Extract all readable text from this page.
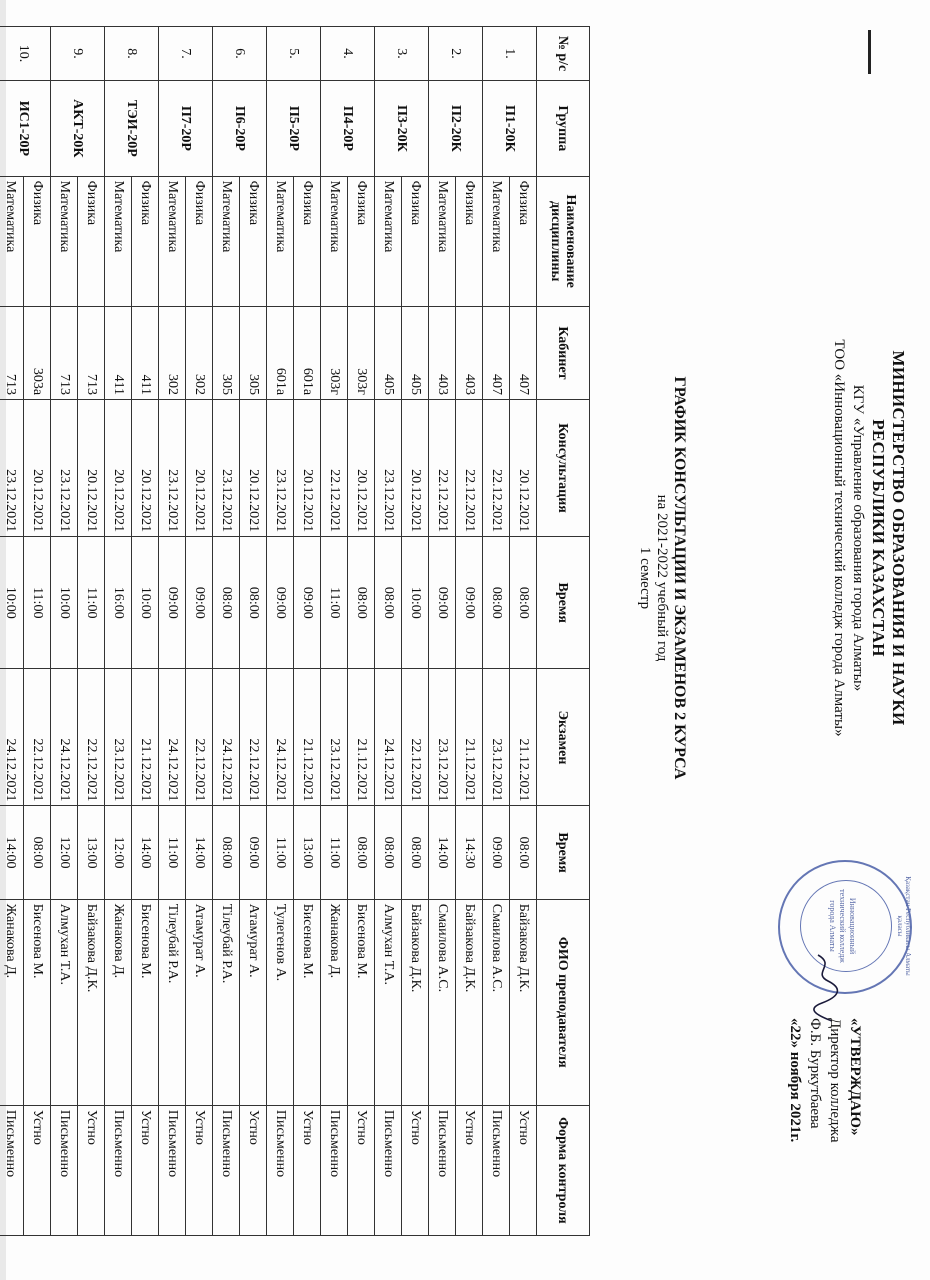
МИНИСТЕРСТВО ОБРАЗОВАНИЯ И НАУКИ РЕСПУБЛИКИ КАЗАХСТАН
КГУ «Управление образования города Алматы»
ТОО «Инновационный технический колледж города Алматы»
Қазақстан Республикасы Алматы қаласы
Инновационный технический колледж города Алматы
«УТВЕРЖДАЮ»
Директор колледжа
Ф.Б. Буркутбаева
«22» ноября 2021г.
ГРАФИК КОНСУЛЬТАЦИИ И ЭКЗАМЕНОВ 2 КУРСА
на 2021-2022 учебный год
1 семестр
№ р/с	Группа	Наименование дисциплины	Кабинет	Консультация	Время	Экзамен	Время	ФИО преподавателя	Форма контроля
1.	П1-20К	Физика	407	20.12.2021	08:00	21.12.2021	08:00	Байзакова Д.К.	Устно
		Математика	407	22.12.2021	08:00	23.12.2021	09:00	Смаилова А.С.	Письменно
2.	П2-20К	Физика	403	22.12.2021	09:00	21.12.2021	14:30	Байзакова Д.К.	Устно
		Математика	403	22.12.2021	09:00	23.12.2021	14:00	Смаилова А.С.	Письменно
3.	П3-20К	Физика	405	20.12.2021	10:00	22.12.2021	08:00	Байзакова Д.К.	Устно
		Математика	405	23.12.2021	08:00	24.12.2021	08:00	Алмухан Т.А.	Письменно
4.	П4-20Р	Физика	303г	20.12.2021	08:00	21.12.2021	08:00	Бисенова М.	Устно
		Математика	303г	22.12.2021	11:00	23.12.2021	11:00	Жанакова Д.	Письменно
5.	П5-20Р	Физика	601а	20.12.2021	09:00	21.12.2021	13:00	Бисенова М.	Устно
		Математика	601а	23.12.2021	09:00	24.12.2021	11:00	Тулегенов А.	Письменно
6.	П6-20Р	Физика	305	20.12.2021	08:00	22.12.2021	09:00	Атамурат А.	Устно
		Математика	305	23.12.2021	08:00	24.12.2021	08:00	Тілеубай Р.А.	Письменно
7.	П7-20Р	Физика	302	20.12.2021	09:00	22.12.2021	14:00	Атамурат А.	Устно
		Математика	302	23.12.2021	09:00	24.12.2021	11:00	Тілеубай Р.А.	Письменно
8.	ТЭИ-20Р	Физика	411	20.12.2021	10:00	21.12.2021	14:00	Бисенова М.	Устно
		Математика	411	20.12.2021	16:00	23.12.2021	12:00	Жанакова Д.	Письменно
9.	АКТ-20К	Физика	713	20.12.2021	11:00	22.12.2021	13:00	Байзакова Д.К.	Устно
		Математика	713	23.12.2021	10:00	24.12.2021	12:00	Алмухан Т.А.	Письменно
10.	ИС1-20Р	Физика	303а	20.12.2021	11:00	22.12.2021	08:00	Бисенова М.	Устно
		Математика	713	23.12.2021	10:00	24.12.2021	14:00	Жанакова Д.	Письменно
